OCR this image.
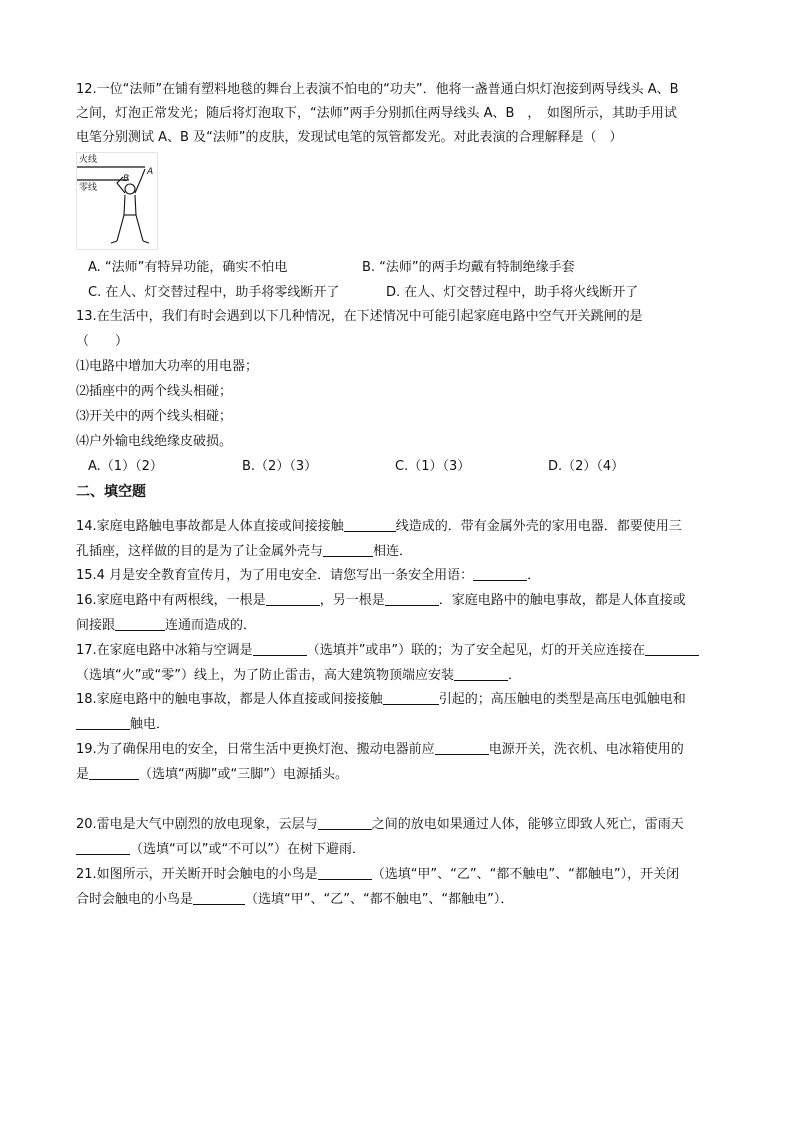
12.一位“法师”在铺有塑料地毯的舞台上表演不怕电的“功夫”．他将一盏普通白炽灯泡接到两导线头 A、B
之间，灯泡正常发光；随后将灯泡取下，“法师”两手分别抓住两导线头 A、B　，　如图所示，其助手用试
电笔分别测试 A、B 及“法师”的皮肤，发现试电笔的氖管都发光。对此表演的合理解释是（　）
火线
零线
A
B
A. “法师”有特异功能，确实不怕电	B. “法师”的两手均戴有特制绝缘手套
C. 在人、灯交替过程中，助手将零线断开了	D. 在人、灯交替过程中，助手将火线断开了
13.在生活中，我们有时会遇到以下几种情况，在下述情况中可能引起家庭电路中空气开关跳闸的是
（　　）
⑴电路中增加大功率的用电器；
⑵插座中的两个线头相碰；
⑶开关中的两个线头相碰；
⑷户外输电线绝缘皮破损。
A.（1）（2）	B.（2）（3）	C.（1）（3）	D.（2）（4）
二、填空题
14.家庭电路触电事故都是人体直接或间接接触	线造成的．带有金属外壳的家用电器．都要使用三
孔插座，这样做的目的是为了让金属外壳与	相连．
15.4 月是安全教育宣传月，为了用电安全．请您写出一条安全用语：	．
16.家庭电路中有两根线，一根是	，另一根是	．家庭电路中的触电事故，都是人体直接或
间接跟	连通而造成的．
17.在家庭电路中冰箱与空调是	（选填并”或串”）联的；为了安全起见，灯的开关应连接在
（选填“火”或“零”）线上，为了防止雷击，高大建筑物顶端应安装	．
18.家庭电路中的触电事故，都是人体直接或间接接触	引起的；高压触电的类型是高压电弧触电和
触电．
19.为了确保用电的安全，日常生活中更换灯泡、搬动电器前应	电源开关，洗衣机、电冰箱使用的
是	（选填“两脚”或“三脚”）电源插头。
20.雷电是大气中剧烈的放电现象，云层与	之间的放电如果通过人体，能够立即致人死亡，雷雨天
（选填“可以”或“不可以”）在树下避雨．
21.如图所示，开关断开时会触电的小鸟是	（选填“甲”、“乙”、“都不触电”、“都触电”），开关闭
合时会触电的小鸟是	（选填“甲”、“乙”、“都不触电”、“都触电”）．
